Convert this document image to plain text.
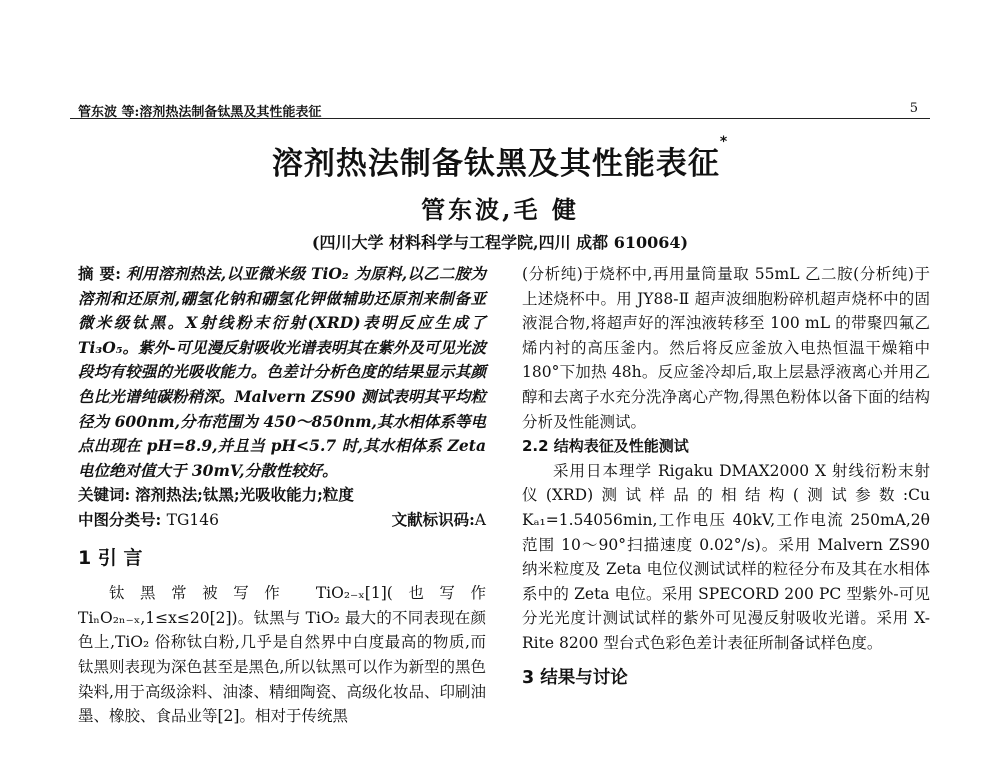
管东波 等:溶剂热法制备钛黑及其性能表征	5
溶剂热法制备钛黑及其性能表征*
管东波,毛 健
(四川大学 材料科学与工程学院,四川 成都 610064)

摘 要: 利用溶剂热法,以亚微米级 TiO₂ 为原料,以乙二胺为溶剂和还原剂,硼氢化钠和硼氢化钾做辅助还原剂来制备亚微米级钛黑。X射线粉末衍射(XRD)表明反应生成了 Ti₃O₅。紫外-可见漫反射吸收光谱表明其在紫外及可见光波段均有较强的光吸收能力。色差计分析色度的结果显示其颜色比光谱纯碳粉稍深。Malvern ZS90 测试表明其平均粒径为 600nm,分布范围为 450～850nm,其水相体系等电点出现在 pH=8.9,并且当 pH<5.7 时,其水相体系 Zeta 电位绝对值大于 30mV,分散性较好。

关键词: 溶剂热法;钛黑;光吸收能力;粒度

中图分类号: TG146	文献标识码:A
1 引 言

钛黑常被写作 TiO₂₋ₓ[1](也写作 TiₙO₂ₙ₋ₓ,1≤x≤20[2])。钛黑与 TiO₂ 最大的不同表现在颜色上,TiO₂ 俗称钛白粉,几乎是自然界中白度最高的物质,而钛黑则表现为深色甚至是黑色,所以钛黑可以作为新型的黑色染料,用于高级涂料、油漆、精细陶瓷、高级化妆品、印刷油墨、橡胶、食品业等[2]。相对于传统黑

(分析纯)于烧杯中,再用量筒量取 55mL 乙二胺(分析纯)于上述烧杯中。用 JY88-Ⅱ 超声波细胞粉碎机超声烧杯中的固液混合物,将超声好的浑浊液转移至 100 mL 的带聚四氟乙烯内衬的高压釜内。然后将反应釜放入电热恒温干燥箱中 180°下加热 48h。反应釜冷却后,取上层悬浮液离心并用乙醇和去离子水充分洗净离心产物,得黑色粉体以备下面的结构分析及性能测试。

2.2 结构表征及性能测试

采用日本理学 Rigaku DMAX2000 X 射线衍粉末射仪(XRD)测试样品的相结构(测试参数:Cu Kₐ₁=1.54056min,工作电压 40kV,工作电流 250mA,2θ 范围 10～90°扫描速度 0.02°/s)。采用 Malvern ZS90 纳米粒度及 Zeta 电位仪测试试样的粒径分布及其在水相体系中的 Zeta 电位。采用 SPECORD 200 PC 型紫外-可见分光光度计测试试样的紫外可见漫反射吸收光谱。采用 X-Rite 8200 型台式色彩色差计表征所制备试样色度。

3 结果与讨论
